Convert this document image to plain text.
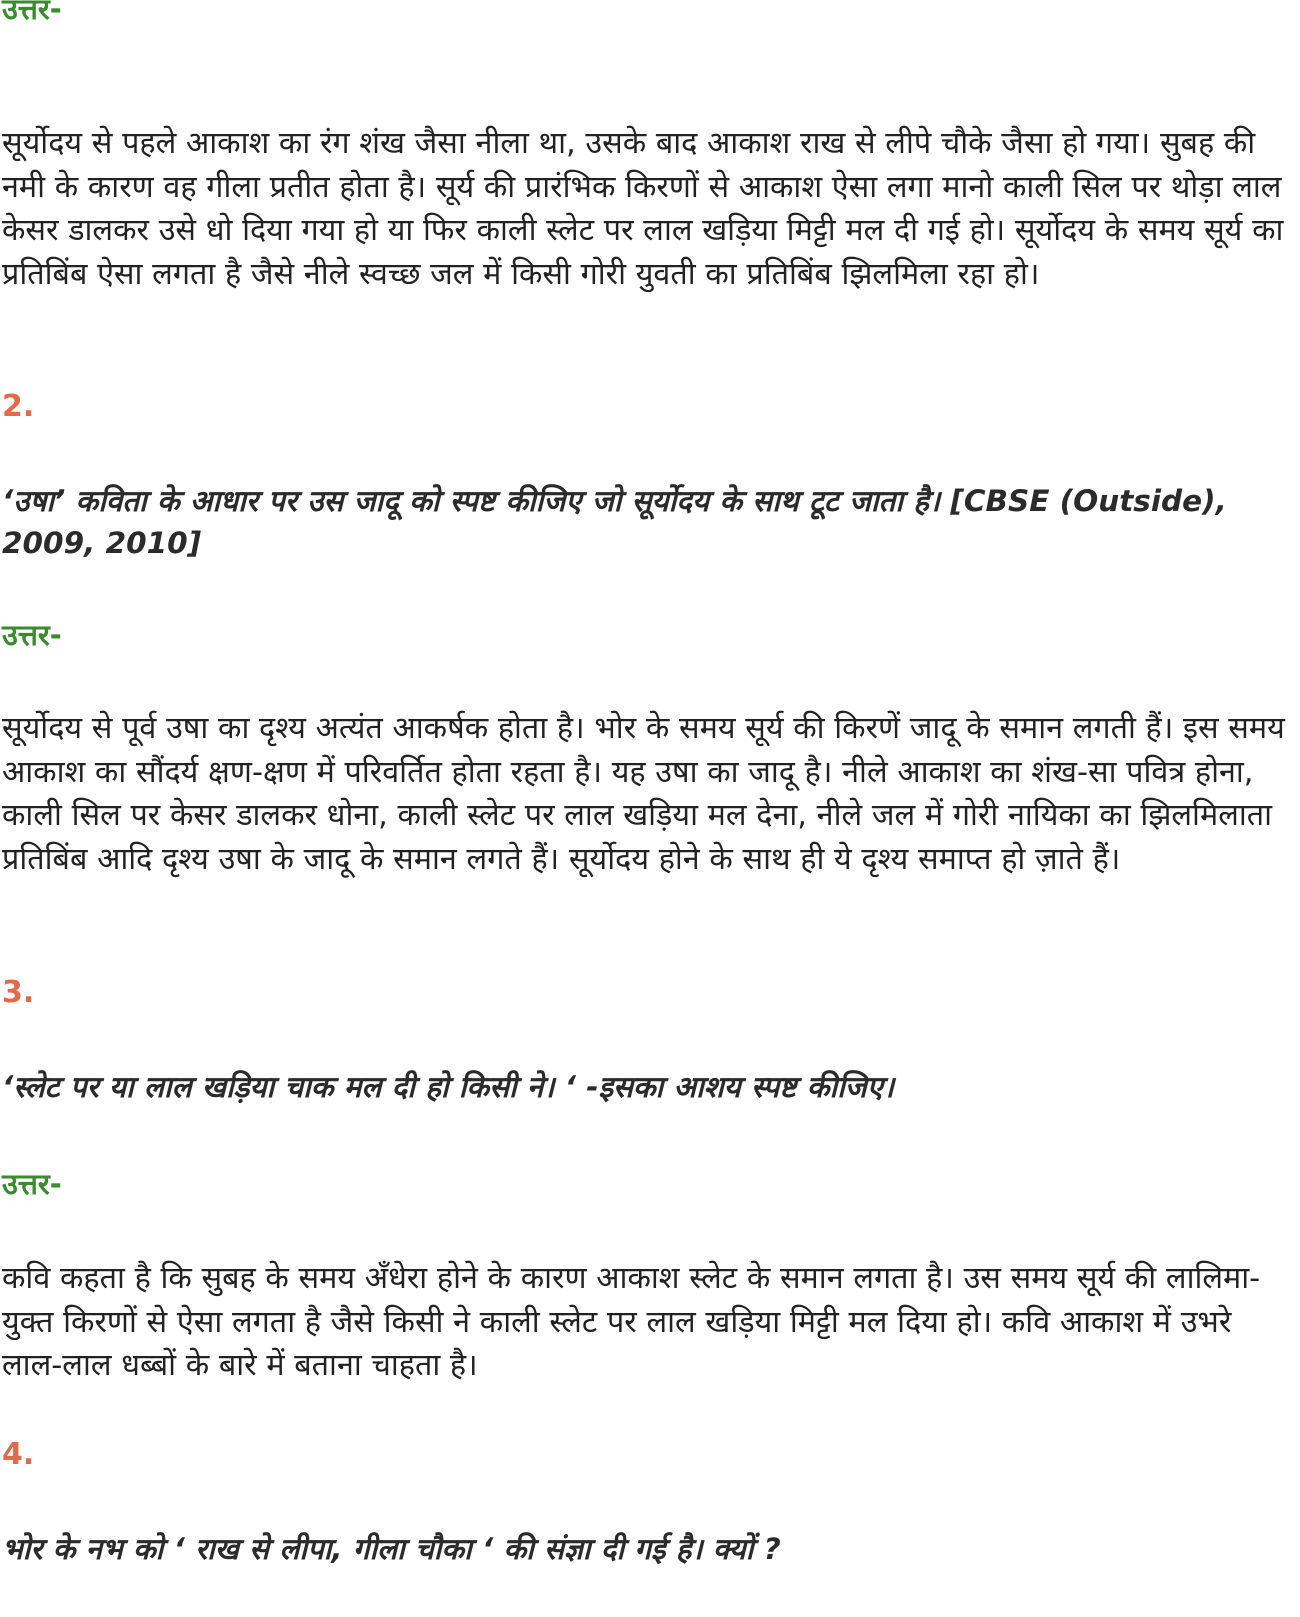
उत्तर-
सूर्योदय से पहले आकाश का रंग शंख जैसा नीला था, उसके बाद आकाश राख से लीपे चौके जैसा हो गया। सुबह की नमी के कारण वह गीला प्रतीत होता है। सूर्य की प्रारंभिक किरणों से आकाश ऐसा लगा मानो काली सिल पर थोड़ा लाल केसर डालकर उसे धो दिया गया हो या फिर काली स्लेट पर लाल खड़िया मिट्टी मल दी गई हो। सूर्योदय के समय सूर्य का प्रतिबिंब ऐसा लगता है जैसे नीले स्वच्छ जल में किसी गोरी युवती का प्रतिबिंब झिलमिला रहा हो।
2.
‘उषा’ कविता के आधार पर उस जादू को स्पष्ट कीजिए जो सूर्योदय के साथ टूट जाता है। [CBSE (Outside), 2009, 2010]
उत्तर-
सूर्योदय से पूर्व उषा का दृश्य अत्यंत आकर्षक होता है। भोर के समय सूर्य की किरणें जादू के समान लगती हैं। इस समय आकाश का सौंदर्य क्षण-क्षण में परिवर्तित होता रहता है। यह उषा का जादू है। नीले आकाश का शंख-सा पवित्र होना, काली सिल पर केसर डालकर धोना, काली स्लेट पर लाल खड़िया मल देना, नीले जल में गोरी नायिका का झिलमिलाता प्रतिबिंब आदि दृश्य उषा के जादू के समान लगते हैं। सूर्योदय होने के साथ ही ये दृश्य समाप्त हो ज़ाते हैं।
3.
‘स्लेट पर या लाल खड़िया चाक मल दी हो किसी ने। ‘ -इसका आशय स्पष्ट कीजिए।
उत्तर-
कवि कहता है कि सुबह के समय अँधेरा होने के कारण आकाश स्लेट के समान लगता है। उस समय सूर्य की लालिमा-युक्त किरणों से ऐसा लगता है जैसे किसी ने काली स्लेट पर लाल खड़िया मिट्टी मल दिया हो। कवि आकाश में उभरे लाल-लाल धब्बों के बारे में बताना चाहता है।
4.
भोर के नभ को ‘ राख से लीपा, गीला चौका ‘ की संज्ञा दी गई है। क्यों ?
